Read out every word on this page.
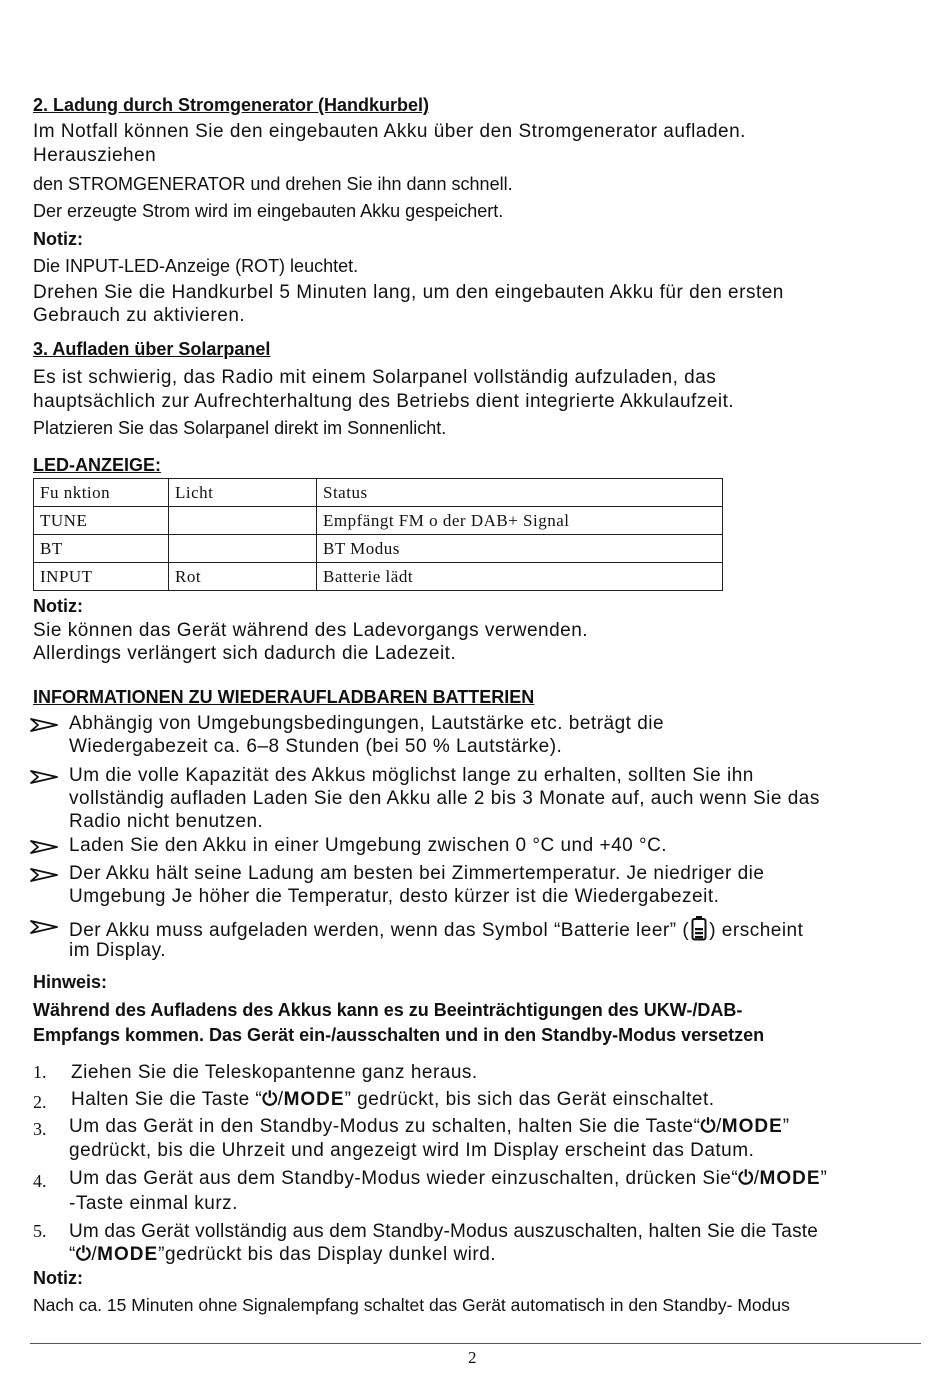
2. Ladung durch Stromgenerator (Handkurbel)
Im Notfall können Sie den eingebauten Akku über den Stromgenerator aufladen.
Herausziehen
den STROMGENERATOR und drehen Sie ihn dann schnell.
Der erzeugte Strom wird im eingebauten Akku gespeichert.
Notiz:
Die INPUT-LED-Anzeige (ROT) leuchtet.
Drehen Sie die Handkurbel 5 Minuten lang, um den eingebauten Akku für den ersten
Gebrauch zu aktivieren.
3. Aufladen über Solarpanel
Es ist schwierig, das Radio mit einem Solarpanel vollständig aufzuladen, das
hauptsächlich zur Aufrechterhaltung des Betriebs dient integrierte Akkulaufzeit.
Platzieren Sie das Solarpanel direkt im Sonnenlicht.
LED-ANZEIGE:
Fu nktion	Licht	Status
TUNE		Empfängt FM o der DAB+ Signal
BT		BT Modus
INPUT	Rot	Batterie lädt
Notiz:
Sie können das Gerät während des Ladevorgangs verwenden.
Allerdings verlängert sich dadurch die Ladezeit.
INFORMATIONEN ZU WIEDERAUFLADBAREN BATTERIEN
Abhängig von Umgebungsbedingungen, Lautstärke etc. beträgt die
Wiedergabezeit ca. 6–8 Stunden (bei 50 % Lautstärke).
Um die volle Kapazität des Akkus möglichst lange zu erhalten, sollten Sie ihn
vollständig aufladen Laden Sie den Akku alle 2 bis 3 Monate auf, auch wenn Sie das
Radio nicht benutzen.
Laden Sie den Akku in einer Umgebung zwischen 0 °C und +40 °C.
Der Akku hält seine Ladung am besten bei Zimmertemperatur. Je niedriger die
Umgebung Je höher die Temperatur, desto kürzer ist die Wiedergabezeit.
Der Akku muss aufgeladen werden, wenn das Symbol “Batterie leer” ( ) erscheint
im Display.
Hinweis:
Während des Aufladens des Akkus kann es zu Beeinträchtigungen des UKW-/DAB-
Empfangs kommen. Das Gerät ein-/ausschalten und in den Standby-Modus versetzen
1. Ziehen Sie die Teleskopantenne ganz heraus.
2. Halten Sie die Taste “⏻/MODE” gedrückt, bis sich das Gerät einschaltet.
3. Um das Gerät in den Standby-Modus zu schalten, halten Sie die Taste“⏻/MODE”
gedrückt, bis die Uhrzeit und angezeigt wird Im Display erscheint das Datum.
4. Um das Gerät aus dem Standby-Modus wieder einzuschalten, drücken Sie“⏻/MODE”
-Taste einmal kurz.
5. Um das Gerät vollständig aus dem Standby-Modus auszuschalten, halten Sie die Taste
“⏻/MODE”gedrückt bis das Display dunkel wird.
Notiz:
Nach ca. 15 Minuten ohne Signalempfang schaltet das Gerät automatisch in den Standby- Modus
2
